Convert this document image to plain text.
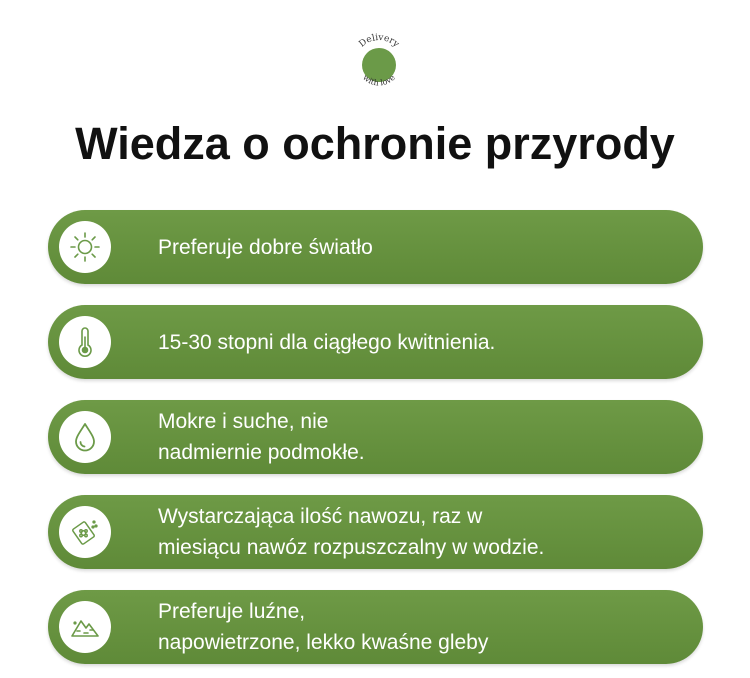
Delivery
with love
Wiedza o ochronie przyrody
Preferuje dobre światło
15-30 stopni dla ciągłego kwitnienia.
Mokre i suche, nie
nadmiernie podmokłe.
Wystarczająca ilość nawozu, raz w
miesiącu nawóz rozpuszczalny w wodzie.
Preferuje luźne,
napowietrzone, lekko kwaśne gleby
